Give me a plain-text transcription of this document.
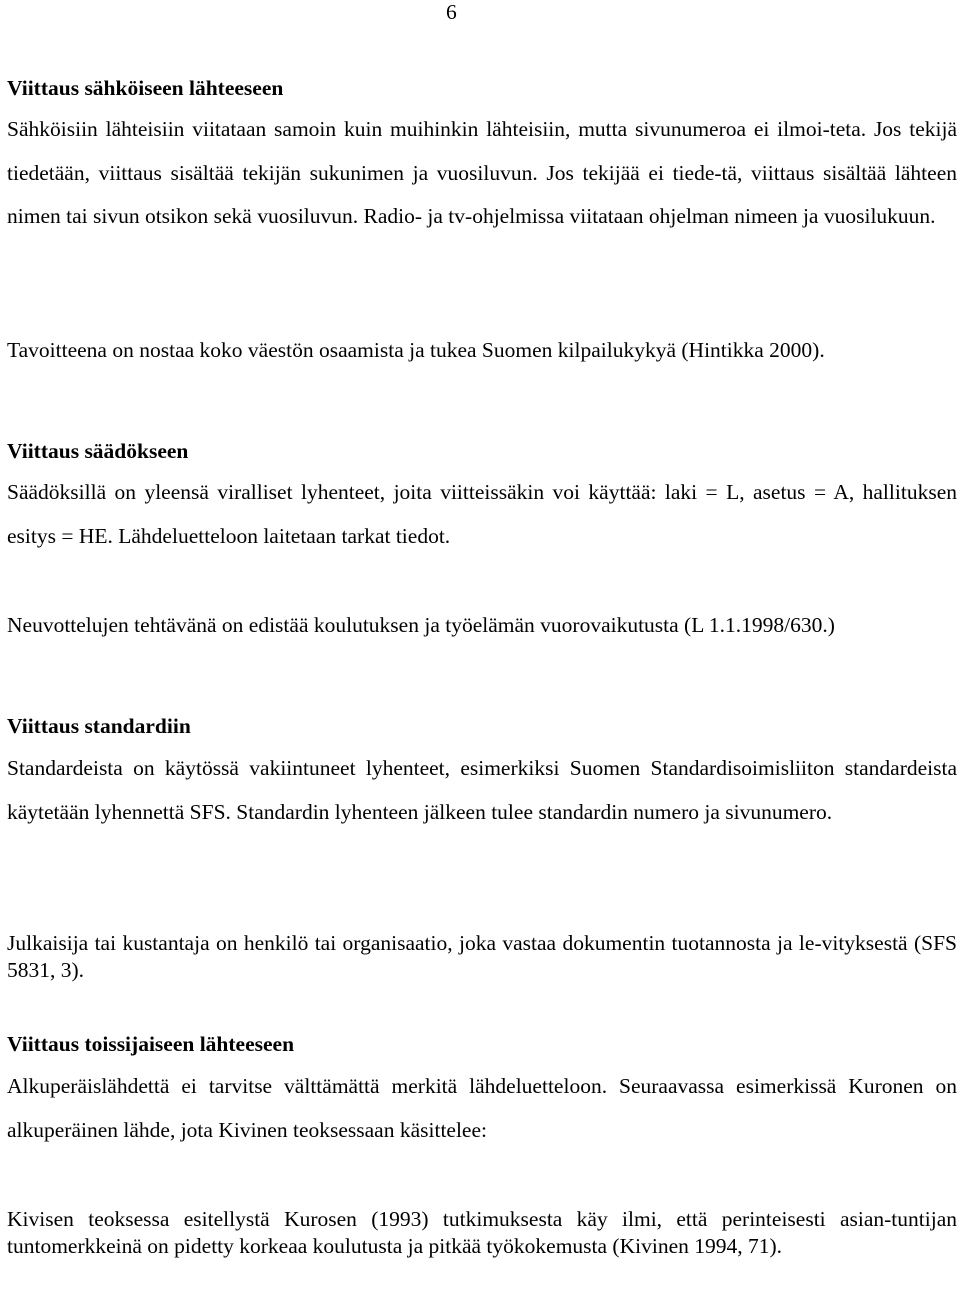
6
Viittaus sähköiseen lähteeseen

Sähköisiin lähteisiin viitataan samoin kuin muihinkin lähteisiin, mutta sivunumeroa ei ilmoi-teta. Jos tekijä tiedetään, viittaus sisältää tekijän sukunimen ja vuosiluvun. Jos tekijää ei tiede-tä, viittaus sisältää lähteen nimen tai sivun otsikon sekä vuosiluvun. Radio- ja tv-ohjelmissa viitataan ohjelman nimeen ja vuosilukuun.

Tavoitteena on nostaa koko väestön osaamista ja tukea Suomen kilpailukykyä (Hintikka 2000).

Viittaus säädökseen

Säädöksillä on yleensä viralliset lyhenteet, joita viitteissäkin voi käyttää: laki = L, asetus = A, hallituksen esitys = HE. Lähdeluetteloon laitetaan tarkat tiedot.

Neuvottelujen tehtävänä on edistää koulutuksen ja työelämän vuorovaikutusta (L 1.1.1998/630.)

Viittaus standardiin

Standardeista on käytössä vakiintuneet lyhenteet, esimerkiksi Suomen Standardisoimisliiton standardeista käytetään lyhennettä SFS. Standardin lyhenteen jälkeen tulee standardin numero ja sivunumero.

Julkaisija tai kustantaja on henkilö tai organisaatio, joka vastaa dokumentin tuotannosta ja le-vityksestä (SFS 5831, 3).

Viittaus toissijaiseen lähteeseen

Alkuperäislähdettä ei tarvitse välttämättä merkitä lähdeluetteloon. Seuraavassa esimerkissä Kuronen on alkuperäinen lähde, jota Kivinen teoksessaan käsittelee:

Kivisen teoksessa esitellystä Kurosen (1993) tutkimuksesta käy ilmi, että perinteisesti asian-tuntijan tuntomerkkeinä on pidetty korkeaa koulutusta ja pitkää työkokemusta (Kivinen 1994, 71).
